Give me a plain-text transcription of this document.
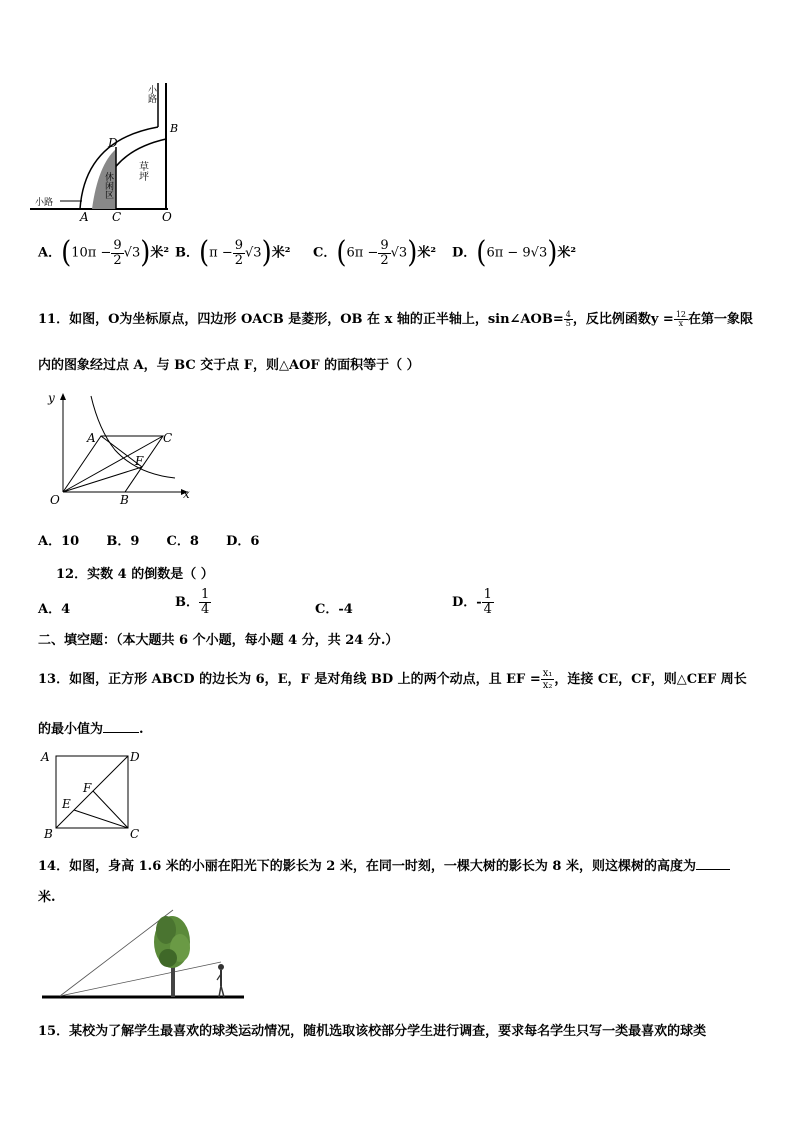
小路
B
D
休闲区
草坪
小路
A C	O
A．$(10\pi - \frac{9}{2} √3)$米² B．$(\pi - \frac{9}{2} √3)$米² C．$(6\pi - \frac{9}{2} √3)$米² D．(6π − 9√3)米²
11．如图，O为坐标原点，四边形 OACB 是菱形，OB 在 x 轴的正半轴上，sin∠AOB= $\frac{4}{5}$ ，反比例函数$y = \frac{12}{x}$ 在第一象限
内的图象经过点 A，与 BC 交于点 F，则△AOF 的面积等于（ ）
y
x
A	C
F
O	B
A．10      B．9      C．8      D．6
12．实数 4 的倒数是（ ）
A．4	B． $\frac{1}{4}$	C．-4	D．- $\frac{1}{4}$
二、填空题：（本大题共 6 个小题，每小题 4 分，共 24 分.）
13．如图，正方形 ABCD 的边长为 6，E，F 是对角线 BD 上的两个动点，且 EF = $\frac{\text{x₁}}{\text{x₂}}$ ，连接 CE，CF，则△CEF 周长
的最小值为	.
A	D
F
E
B	C
14．如图，身高 1.6 米的小丽在阳光下的影长为 2 米，在同一时刻，一棵大树的影长为 8 米，则这棵树的高度为
米.
15．某校为了解学生最喜欢的球类运动情况，随机选取该校部分学生进行调查，要求每名学生只写一类最喜欢的球类
